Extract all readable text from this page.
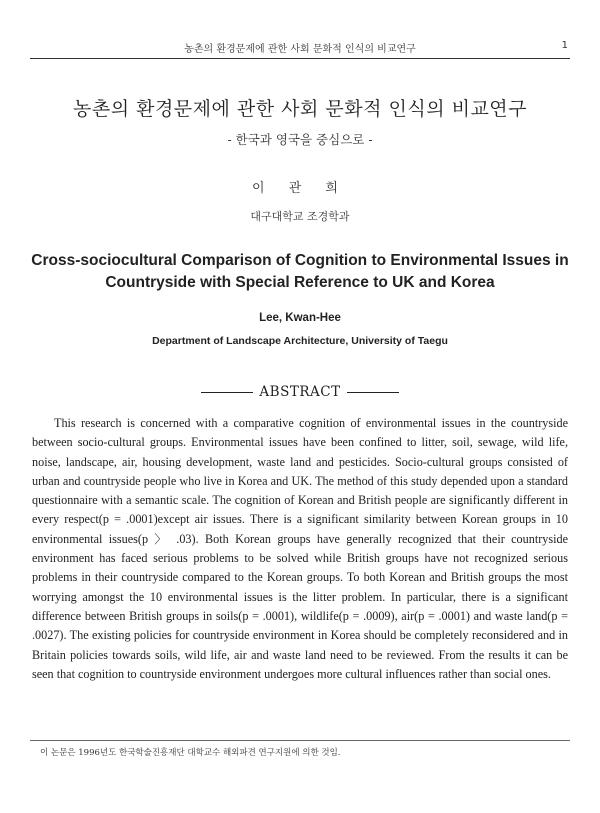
농촌의 환경문제에 관한 사회 문화적 인식의 비교연구	1
농촌의 환경문제에 관한 사회 문화적 인식의 비교연구
- 한국과 영국을 중심으로 -
이 관 희
대구대학교 조경학과
Cross-sociocultural Comparison of Cognition to Environmental Issues in Countryside with Special Reference to UK and Korea
Lee, Kwan-Hee
Department of Landscape Architecture, University of Taegu
ABSTRACT
This research is concerned with a comparative cognition of environmental issues in the countryside between socio-cultural groups. Environmental issues have been confined to litter, soil, sewage, wild life, noise, landscape, air, housing development, waste land and pesticides. Socio-cultural groups consisted of urban and countryside people who live in Korea and UK. The method of this study depended upon a standard questionnaire with a semantic scale. The cognition of Korean and British people are significantly different in every respect(p = .0001)except air issues. There is a significant similarity between Korean groups in 10 environmental issues(p 〉 .03). Both Korean groups have generally recognized that their countryside environment has faced serious problems to be solved while British groups have not recognized serious problems in their countryside compared to the Korean groups. To both Korean and British groups the most worrying amongst the 10 environmental issues is the litter problem. In particular, there is a significant difference between British groups in soils(p = .0001), wildlife(p = .0009), air(p = .0001) and waste land(p = .0027). The existing policies for countryside environment in Korea should be completely reconsidered and in Britain policies towards soils, wild life, air and waste land need to be reviewed. From the results it can be seen that cognition to countryside environment undergoes more cultural influences rather than social ones.
이 논문은 1996년도 한국학술진흥재단 대학교수 해외파견 연구지원에 의한 것임.
